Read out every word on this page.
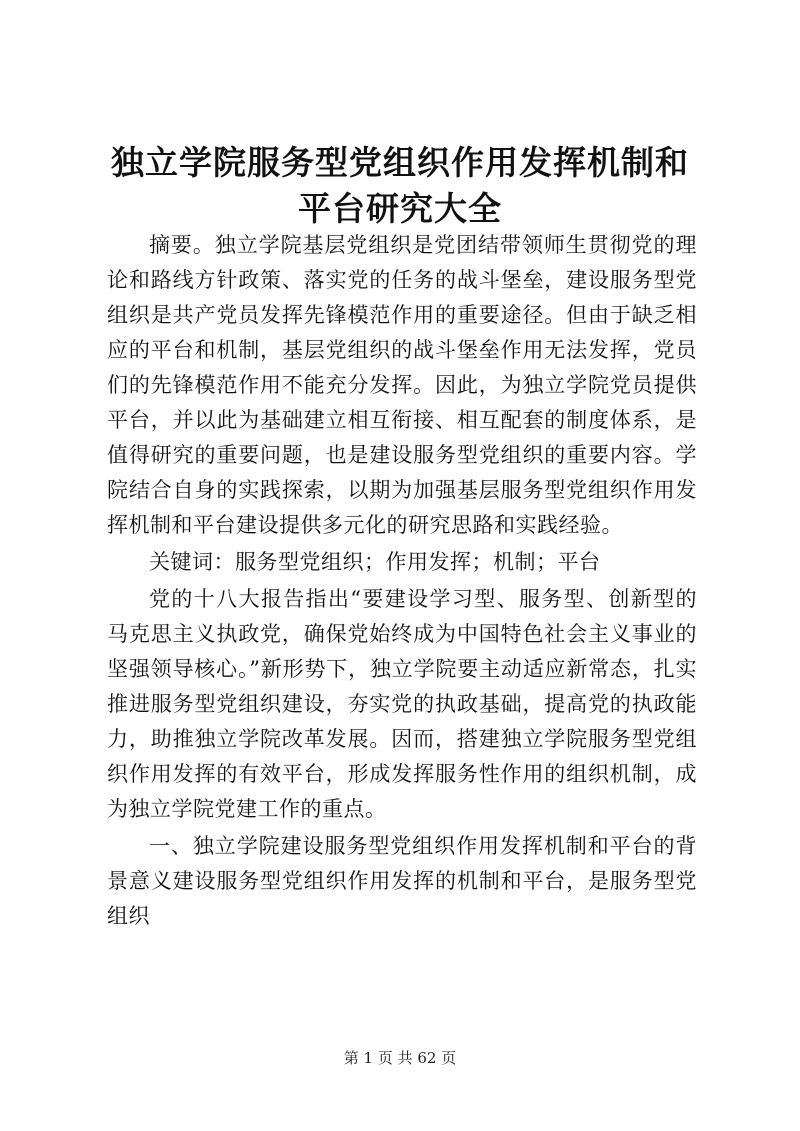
独立学院服务型党组织作用发挥机制和平台研究大全

摘要。独立学院基层党组织是党团结带领师生贯彻党的理论和路线方针政策、落实党的任务的战斗堡垒，建设服务型党组织是共产党员发挥先锋模范作用的重要途径。但由于缺乏相应的平台和机制，基层党组织的战斗堡垒作用无法发挥，党员们的先锋模范作用不能充分发挥。因此，为独立学院党员提供平台，并以此为基础建立相互衔接、相互配套的制度体系，是值得研究的重要问题，也是建设服务型党组织的重要内容。学院结合自身的实践探索，以期为加强基层服务型党组织作用发挥机制和平台建设提供多元化的研究思路和实践经验。

关键词：服务型党组织；作用发挥；机制；平台

党的十八大报告指出“要建设学习型、服务型、创新型的马克思主义执政党，确保党始终成为中国特色社会主义事业的坚强领导核心。”新形势下，独立学院要主动适应新常态，扎实推进服务型党组织建设，夯实党的执政基础，提高党的执政能力，助推独立学院改革发展。因而，搭建独立学院服务型党组织作用发挥的有效平台，形成发挥服务性作用的组织机制，成为独立学院党建工作的重点。

一、独立学院建设服务型党组织作用发挥机制和平台的背景意义建设服务型党组织作用发挥的机制和平台，是服务型党组织

第 1 页 共 62 页
